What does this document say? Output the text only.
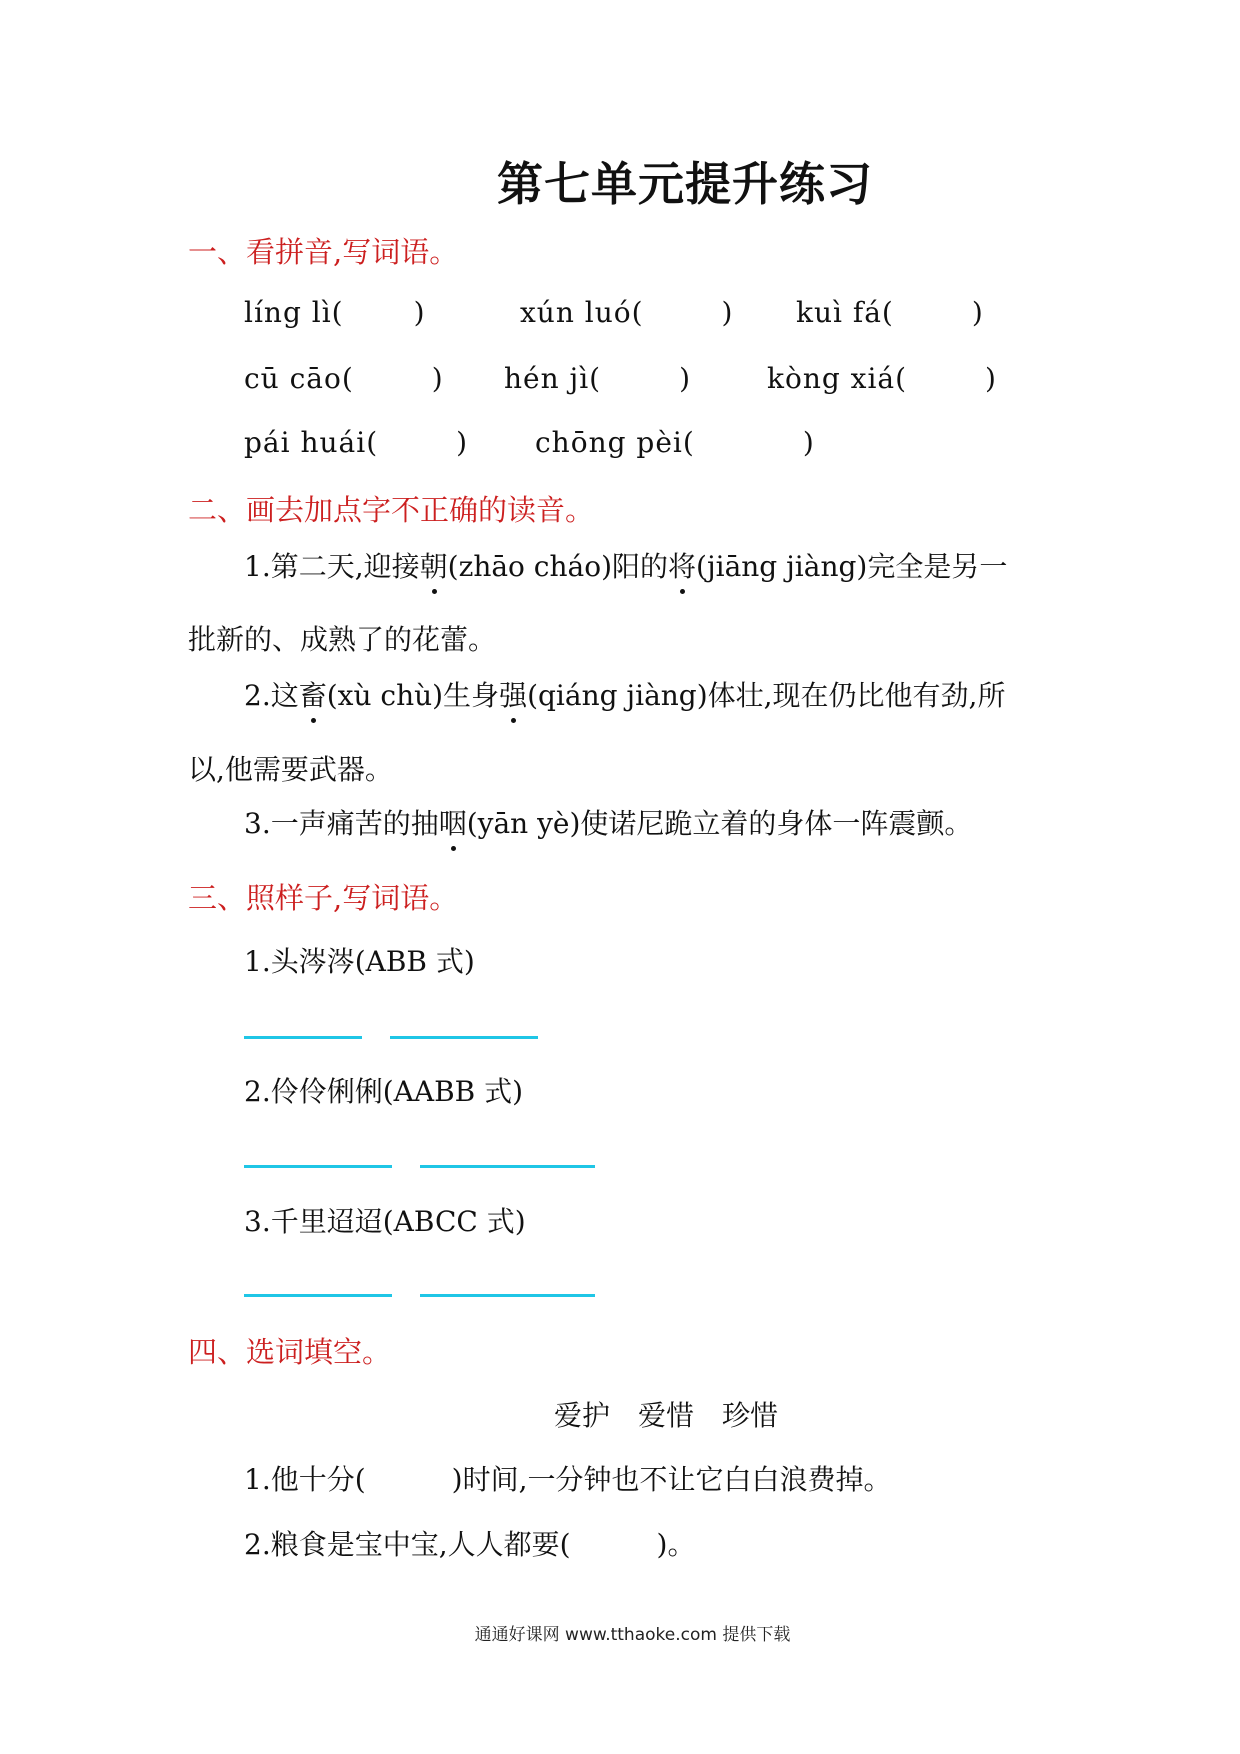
第七单元提升练习
一、看拼音,写词语。
líng lì(	)	xún luó(	) kuì fá(	)
cū cāo(	) hén jì(	)	kòng xiá(	)
pái huái(	) chōng pèi(	)
二、画去加点字不正确的读音。
1.第二天,迎接朝(zhāo cháo)阳的将(jiāng jiàng)完全是另一
批新的、成熟了的花蕾。
2.这畜(xù chù)生身强(qiáng jiàng)体壮,现在仍比他有劲,所
以,他需要武器。
3.一声痛苦的抽咽(yān yè)使诺尼跪立着的身体一阵震颤。
三、照样子,写词语。
1.头涔涔(ABB 式)
2.伶伶俐俐(AABB 式)
3.千里迢迢(ABCC 式)
四、选词填空。
爱护 爱惜 珍惜
1.他十分(	)时间,一分钟也不让它白白浪费掉。
2.粮食是宝中宝,人人都要(	)。
通通好课网 www.tthaoke.com 提供下载
